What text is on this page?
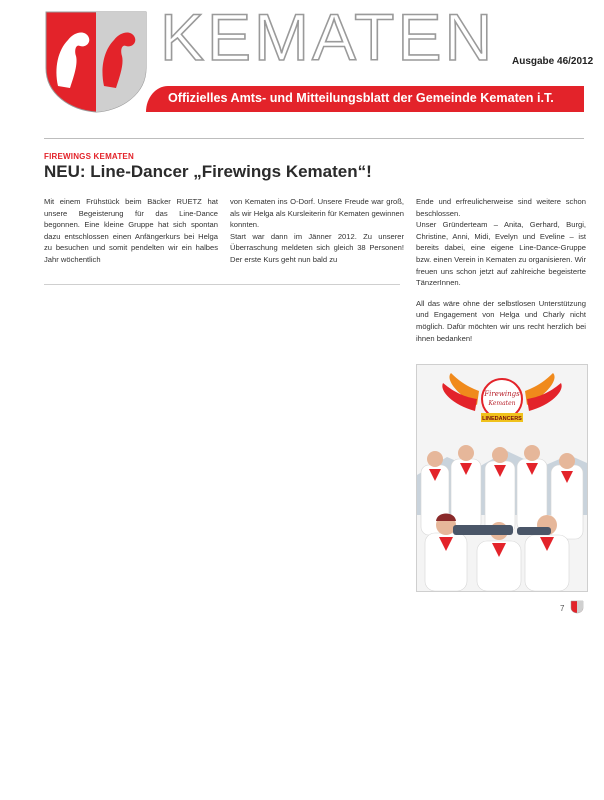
KEMATEN Ausgabe 46/2012
Offizielles Amts- und Mitteilungsblatt der Gemeinde Kematen i.T.
FIREWINGS KEMATEN
NEU: Line-Dancer „Firewings Kematen“!

Mit einem Frühstück beim Bäcker RUETZ hat unsere Begeisterung für das Line-Dance begonnen. Eine kleine Gruppe hat sich spontan dazu entschlossen einen Anfängerkurs bei Helga zu besuchen und somit pendelten wir ein halbes Jahr wöchentlich

von Kematen ins O-Dorf. Unsere Freude war groß, als wir Helga als Kursleiterin für Kematen gewinnen konnten.

Start war dann im Jänner 2012. Zu unserer Überraschung meldeten sich gleich 38 Personen! Der erste Kurs geht nun bald zu

Ende und erfreulicherweise sind weitere schon beschlossen.

Unser Gründerteam – Anita, Gerhard, Burgi, Christine, Anni, Midi, Evelyn und Eveline – ist bereits dabei, eine eigene Line-Dance-Gruppe bzw. einen Verein in Kematen zu organisieren. Wir freuen uns schon jetzt auf zahlreiche begeisterte TänzerInnen.

All das wäre ohne der selbstlosen Unterstützung und Engagement von Helga und Charly nicht möglich. Dafür möchten wir uns recht herzlich bei ihnen bedanken!

Firewings
Kematen
LINEDANCERS
7
